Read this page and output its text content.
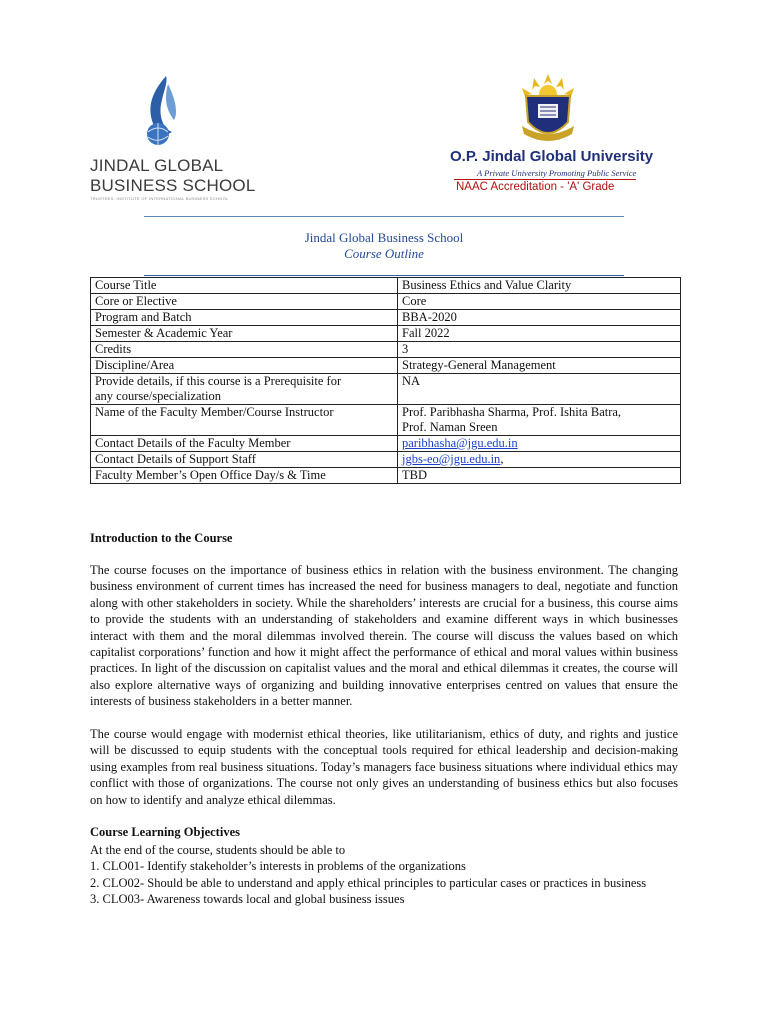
JINDAL GLOBAL
BUSINESS SCHOOL
TRUSTEES: INSTITUTE OF INTERNATIONAL BUSINESS SCHOOL
O.P. Jindal Global University
A Private University Promoting Public Service
NAAC Accreditation - 'A' Grade
Jindal Global Business School
Course Outline
Course Title	Business Ethics and Value Clarity
Core or Elective	Core
Program and Batch	BBA-2020
Semester & Academic Year	Fall 2022
Credits	3
Discipline/Area	Strategy-General Management

Provide details, if this course is a Prerequisite for
any course/specialization	NA
Name of the Faculty Member/Course Instructor	Prof. Paribhasha Sharma, Prof. Ishita Batra,
Prof. Naman Sreen

Contact Details of the Faculty Member	paribhasha@jgu.edu.in
Contact Details of Support Staff	jgbs-eo@jgu.edu.in,
Faculty Member’s Open Office Day/s & Time	TBD
Introduction to the Course

The course focuses on the importance of business ethics in relation with the business environment. The changing business environment of current times has increased the need for business managers to deal, negotiate and function along with other stakeholders in society. While the shareholders’ interests are crucial for a business, this course aims to provide the students with an understanding of stakeholders and examine different ways in which businesses interact with them and the moral dilemmas involved therein. The course will discuss the values based on which capitalist corporations’ function and how it might affect the performance of ethical and moral values within business practices. In light of the discussion on capitalist values and the moral and ethical dilemmas it creates, the course will also explore alternative ways of organizing and building innovative enterprises centred on values that ensure the interests of business stakeholders in a better manner.

The course would engage with modernist ethical theories, like utilitarianism, ethics of duty, and rights and justice will be discussed to equip students with the conceptual tools required for ethical leadership and decision-making using examples from real business situations. Today’s managers face business situations where individual ethics may conflict with those of organizations. The course not only gives an understanding of business ethics but also focuses on how to identify and analyze ethical dilemmas.

Course Learning Objectives
At the end of the course, students should be able to
1. CLO01- Identify stakeholder’s interests in problems of the organizations
2. CLO02- Should be able to understand and apply ethical principles to particular cases or practices in business
3. CLO03- Awareness towards local and global business issues
